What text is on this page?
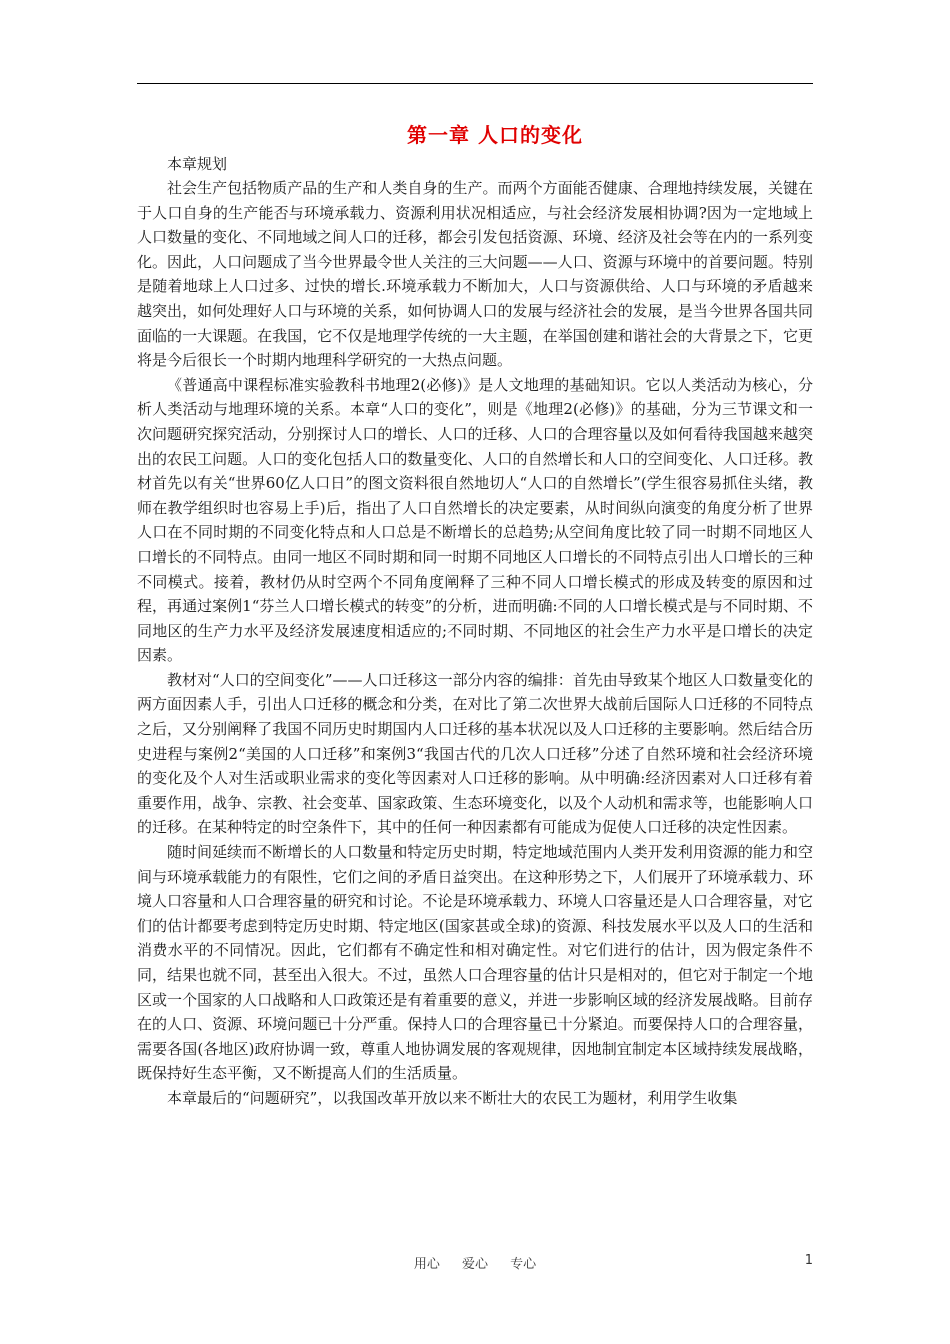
第一章 人口的变化

本章规划

社会生产包括物质产品的生产和人类自身的生产。而两个方面能否健康、合理地持续发展，关键在于人口自身的生产能否与环境承载力、资源利用状况相适应，与社会经济发展相协调?因为一定地域上人口数量的变化、不同地域之间人口的迁移，都会引发包括资源、环境、经济及社会等在内的一系列变化。因此，人口问题成了当今世界最令世人关注的三大问题——人口、资源与环境中的首要问题。特别是随着地球上人口过多、过快的增长.环境承载力不断加大，人口与资源供给、人口与环境的矛盾越来越突出，如何处理好人口与环境的关系，如何协调人口的发展与经济社会的发展，是当今世界各国共同面临的一大课题。在我国，它不仅是地理学传统的一大主题，在举国创建和谐社会的大背景之下，它更将是今后很长一个时期内地理科学研究的一大热点问题。

《普通高中课程标准实验教科书地理2(必修)》是人文地理的基础知识。它以人类活动为核心，分析人类活动与地理环境的关系。本章“人口的变化”，则是《地理2(必修)》的基础，分为三节课文和一次问题研究探究活动，分别探讨人口的增长、人口的迁移、人口的合理容量以及如何看待我国越来越突出的农民工问题。人口的变化包括人口的数量变化、人口的自然增长和人口的空间变化、人口迁移。教材首先以有关“世界60亿人口日”的图文资料很自然地切人“人口的自然增长”(学生很容易抓住头绪，教师在教学组织时也容易上手)后，指出了人口自然增长的决定要素，从时间纵向演变的角度分析了世界人口在不同时期的不同变化特点和人口总是不断增长的总趋势;从空间角度比较了同一时期不同地区人口增长的不同特点。由同一地区不同时期和同一时期不同地区人口增长的不同特点引出人口增长的三种不同模式。接着，教材仍从时空两个不同角度阐释了三种不同人口增长模式的形成及转变的原因和过程，再通过案例1“芬兰人口增长模式的转变”的分析，进而明确:不同的人口增长模式是与不同时期、不同地区的生产力水平及经济发展速度相适应的;不同时期、不同地区的社会生产力水平是口增长的决定因素。

教材对“人口的空间变化”——人口迁移这一部分内容的编排：首先由导致某个地区人口数量变化的两方面因素人手，引出人口迁移的概念和分类，在对比了第二次世界大战前后国际人口迁移的不同特点之后，又分别阐释了我国不同历史时期国内人口迁移的基本状况以及人口迁移的主要影响。然后结合历史进程与案例2“美国的人口迁移”和案例3“我国古代的几次人口迁移”分述了自然环境和社会经济环境的变化及个人对生活或职业需求的变化等因素对人口迁移的影响。从中明确:经济因素对人口迁移有着重要作用，战争、宗教、社会变革、国家政策、生态环境变化，以及个人动机和需求等，也能影响人口的迁移。在某种特定的时空条件下，其中的任何一种因素都有可能成为促使人口迁移的决定性因素。

随时间延续而不断增长的人口数量和特定历史时期，特定地域范围内人类开发利用资源的能力和空间与环境承载能力的有限性，它们之间的矛盾日益突出。在这种形势之下，人们展开了环境承载力、环境人口容量和人口合理容量的研究和讨论。不论是环境承载力、环境人口容量还是人口合理容量，对它们的估计都要考虑到特定历史时期、特定地区(国家甚或全球)的资源、科技发展水平以及人口的生活和消费水平的不同情况。因此，它们都有不确定性和相对确定性。对它们进行的估计，因为假定条件不同，结果也就不同，甚至出入很大。不过，虽然人口合理容量的估计只是相对的，但它对于制定一个地区或一个国家的人口战略和人口政策还是有着重要的意义，并进一步影响区域的经济发展战略。目前存在的人口、资源、环境问题已十分严重。保持人口的合理容量已十分紧迫。而要保持人口的合理容量，需要各国(各地区)政府协调一致，尊重人地协调发展的客观规律，因地制宜制定本区域持续发展战略，既保持好生态平衡，又不断提高人们的生活质量。

本章最后的“问题研究”，以我国改革开放以来不断壮大的农民工为题材，利用学生收集

用心 爱心 专心	1
